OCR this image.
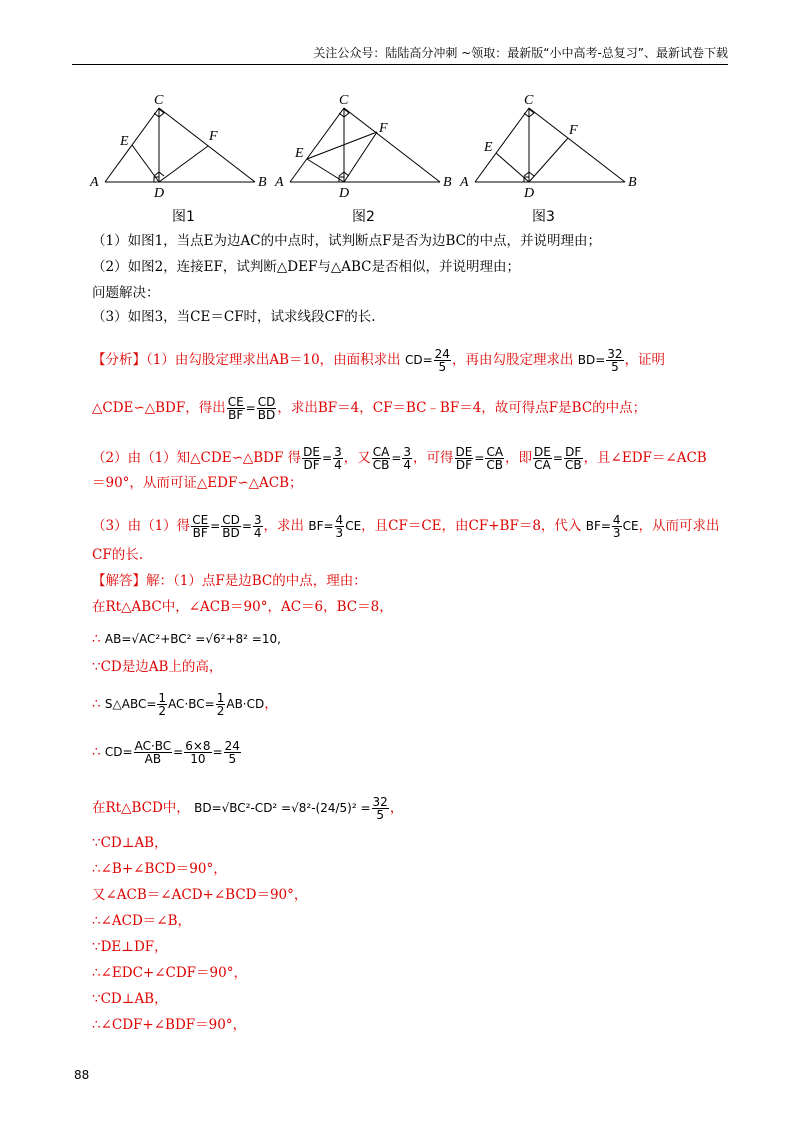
关注公众号：陆陆高分冲刺 ~领取：最新版“小中高考-总复习”、最新试卷下载
C
E	F
A
D
B
C
E
F
A
D
B
C
E
F
A
D
B
图1	图2	图3
（1）如图1，当点E为边AC的中点时，试判断点F是否为边BC的中点，并说明理由；
（2）如图2，连接EF，试判断△DEF与△ABC是否相似，并说明理由；
问题解决：
（3）如图3，当CE＝CF时，试求线段CF的长.
【分析】（1）由勾股定理求出AB＝10，由面积求出 $CD= \frac{24}{5}$ ，再由勾股定理求出 $BD= \frac{32}{5}$ ，证明
△CDE∽△BDF，得出 $\frac{CE}{BF} = \frac{CD}{BD}$ ，求出BF＝4，CF＝BC﹣BF＝4，故可得点F是BC的中点；
（2）由（1）知△CDE∽△BDF 得 $\frac{DE}{DF} = \frac{3}{4}$ ，又 $\frac{CA}{CB} = \frac{3}{4}$ ，可得 $\frac{DE}{DF} = \frac{CA}{CB}$ ，即 $\frac{DE}{CA} = \frac{DF}{CB}$ ，且∠EDF＝∠ACB
＝90°，从而可证△EDF∽△ACB；
（3）由（1）得 $\frac{CE}{BF} = \frac{CD}{BD} = \frac{3}{4}$ ，求出 $BF= \frac{4}{3}$ CE，且CF＝CE，由CF+BF＝8，代入 $BF= \frac{4}{3}$ CE，从而可求出
CF的长.
【解答】解：（1）点F是边BC的中点，理由：
在Rt△ABC中，∠ACB＝90°，AC＝6，BC＝8，
∴ AB=√AC²+BC² =√6²+8² =10,
∵CD是边AB上的高，
∴ S△ABC= $\frac{1}{2} AC\cdot BC= \frac{1}{2} AB\cdot CD$，
∴ $CD= \frac{AC\cdot BC}{AB} = \frac{6\times 8}{10} = \frac{24}{5}$
在Rt△BCD中， $BD=√BC^2-CD^2 =√8^2-(24/5)^2 = \frac{32}{5}$ ，
∵CD⊥AB，
∴∠B+∠BCD＝90°，
又∠ACB＝∠ACD+∠BCD＝90°，
∴∠ACD＝∠B，
∵DE⊥DF，
∴∠EDC+∠CDF＝90°，
∵CD⊥AB，
∴∠CDF+∠BDF＝90°，
88
